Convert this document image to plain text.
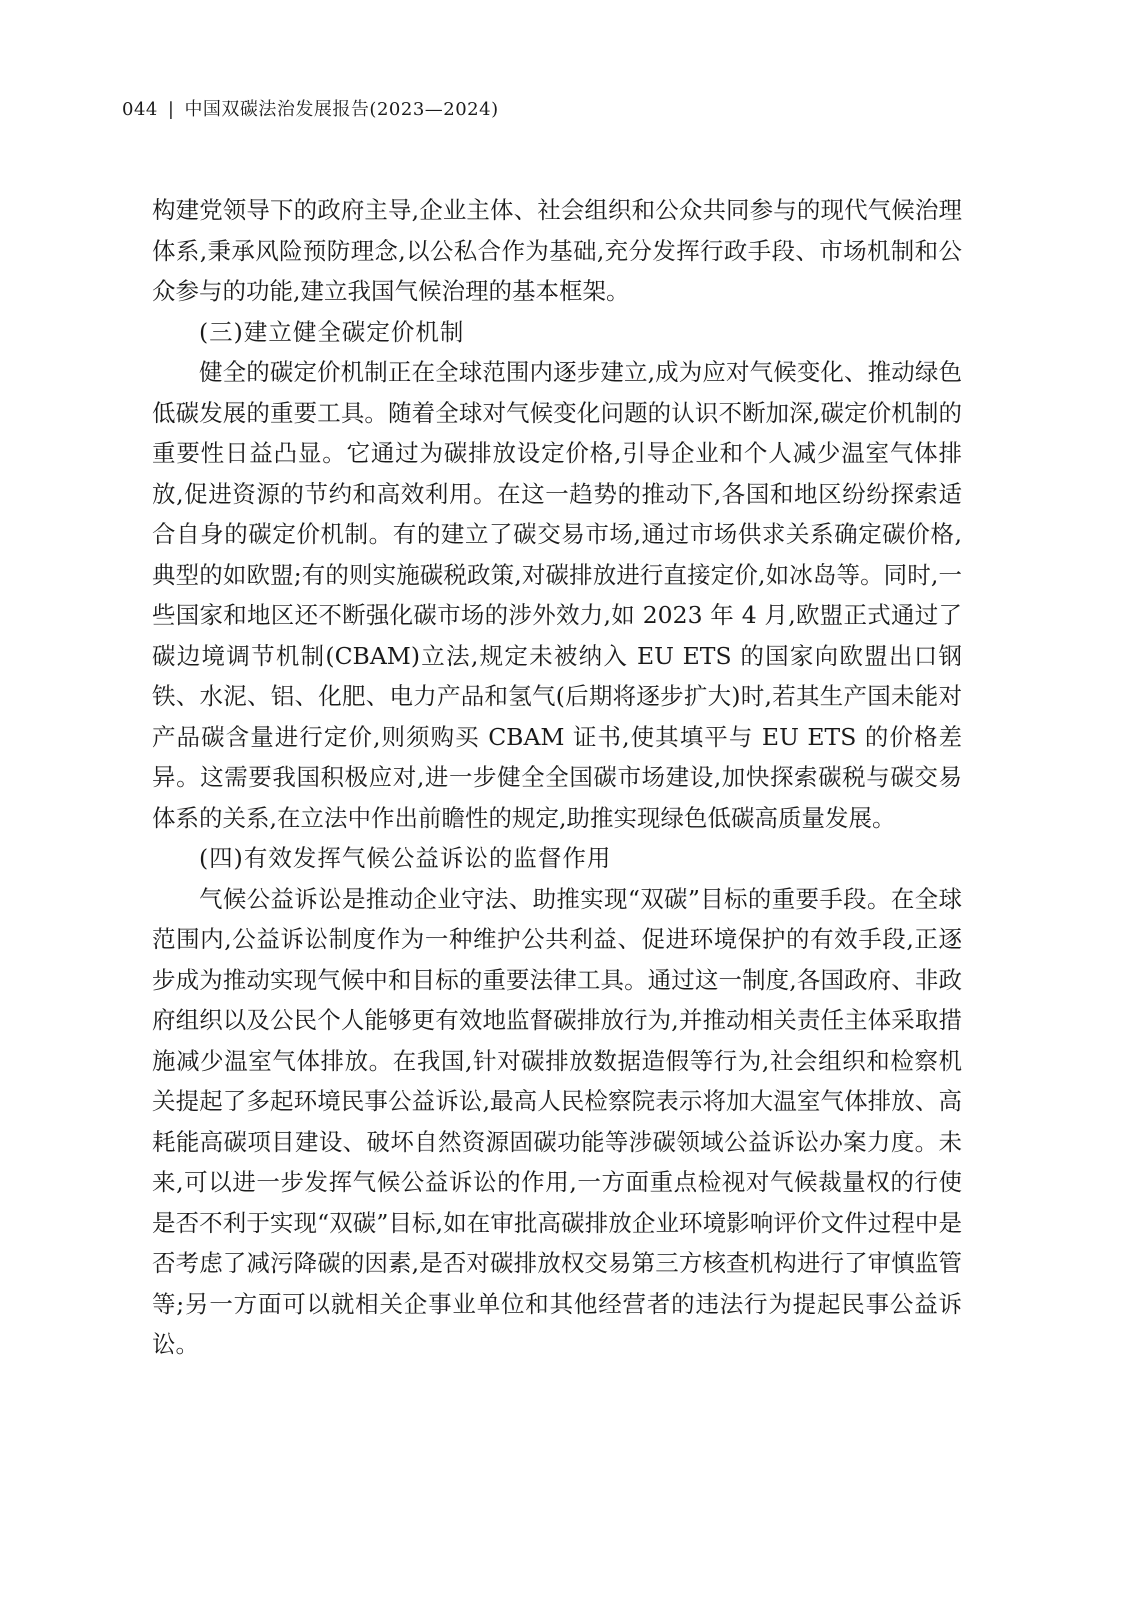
044 | 中国双碳法治发展报告(2023—2024)

构建党领导下的政府主导,企业主体、社会组织和公众共同参与的现代气候治理体系,秉承风险预防理念,以公私合作为基础,充分发挥行政手段、市场机制和公众参与的功能,建立我国气候治理的基本框架。

(三)建立健全碳定价机制

健全的碳定价机制正在全球范围内逐步建立,成为应对气候变化、推动绿色低碳发展的重要工具。随着全球对气候变化问题的认识不断加深,碳定价机制的重要性日益凸显。它通过为碳排放设定价格,引导企业和个人减少温室气体排放,促进资源的节约和高效利用。在这一趋势的推动下,各国和地区纷纷探索适合自身的碳定价机制。有的建立了碳交易市场,通过市场供求关系确定碳价格,典型的如欧盟;有的则实施碳税政策,对碳排放进行直接定价,如冰岛等。同时,一些国家和地区还不断强化碳市场的涉外效力,如 2023 年 4 月,欧盟正式通过了碳边境调节机制(CBAM)立法,规定未被纳入 EU ETS 的国家向欧盟出口钢铁、水泥、铝、化肥、电力产品和氢气(后期将逐步扩大)时,若其生产国未能对产品碳含量进行定价,则须购买 CBAM 证书,使其填平与 EU ETS 的价格差异。这需要我国积极应对,进一步健全全国碳市场建设,加快探索碳税与碳交易体系的关系,在立法中作出前瞻性的规定,助推实现绿色低碳高质量发展。

(四)有效发挥气候公益诉讼的监督作用

气候公益诉讼是推动企业守法、助推实现“双碳”目标的重要手段。在全球范围内,公益诉讼制度作为一种维护公共利益、促进环境保护的有效手段,正逐步成为推动实现气候中和目标的重要法律工具。通过这一制度,各国政府、非政府组织以及公民个人能够更有效地监督碳排放行为,并推动相关责任主体采取措施减少温室气体排放。在我国,针对碳排放数据造假等行为,社会组织和检察机关提起了多起环境民事公益诉讼,最高人民检察院表示将加大温室气体排放、高耗能高碳项目建设、破坏自然资源固碳功能等涉碳领域公益诉讼办案力度。未来,可以进一步发挥气候公益诉讼的作用,一方面重点检视对气候裁量权的行使是否不利于实现“双碳”目标,如在审批高碳排放企业环境影响评价文件过程中是否考虑了减污降碳的因素,是否对碳排放权交易第三方核查机构进行了审慎监管等;另一方面可以就相关企事业单位和其他经营者的违法行为提起民事公益诉讼。
